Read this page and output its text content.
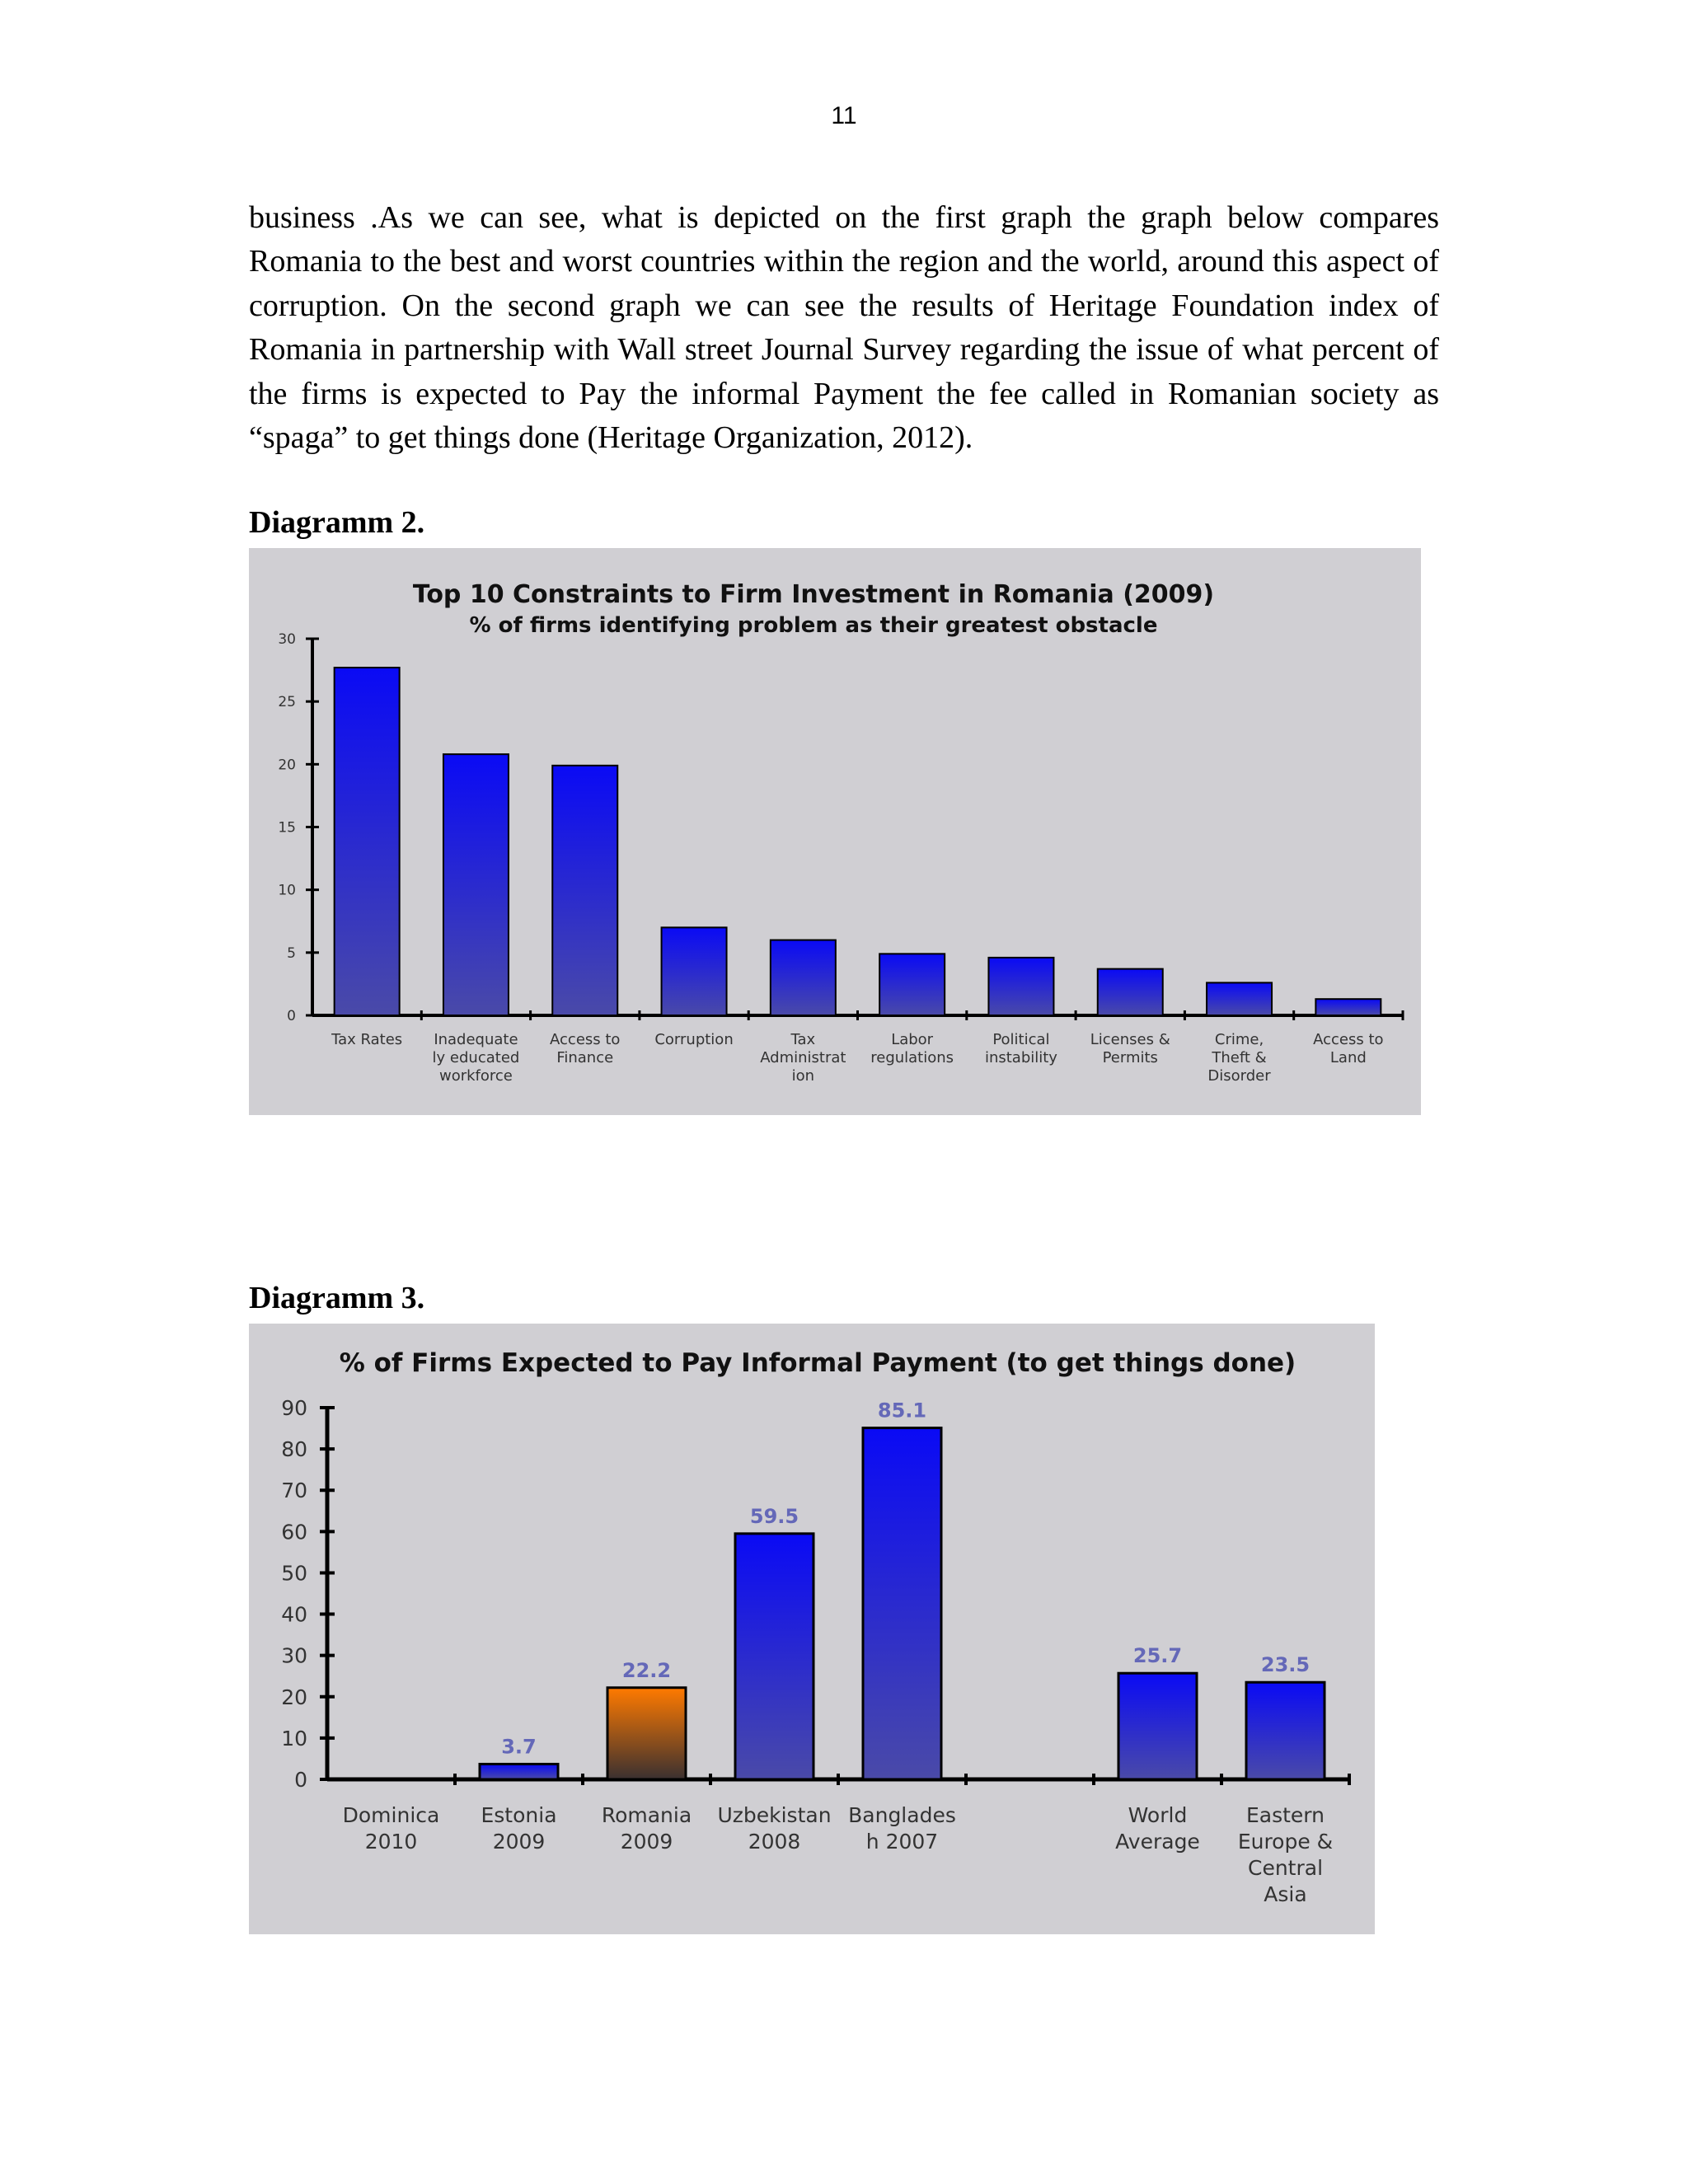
11

business .As we can see, what is depicted on the first graph the graph below compares Romania to the best and worst countries within the region and the world, around this aspect of corruption. On the second graph we can see the results of Heritage Foundation index of Romania in partnership with Wall street Journal Survey regarding the issue of what percent of the firms is expected to Pay the informal Payment the fee called in Romanian society as “spaga” to get things done (Heritage Organization, 2012).

Diagramm 2.

Top 10 Constraints to Firm Investment in Romania (2009)
% of firms identifying problem as their greatest obstacle
0
5
10
15
20
25
30
Tax Rates Inadequate
ly educated
workforce
Access to
Finance
Corruption	Tax
Administrat
ion
Labor
regulations
Political
instability
Licenses &
Permits
Crime,
Theft &
Disorder
Access to
Land

Diagramm 3.

% of Firms Expected to Pay Informal Payment (to get things done)
0
10
20
30
40
50
60
70
80
90
Dominica
2010
3.7
Estonia
2009
22.2
Romania
2009
59.5
Uzbekistan
2008
85.1
Banglades
h 2007
25.7
World
Average
23.5
Eastern
Europe &
Central
Asia
